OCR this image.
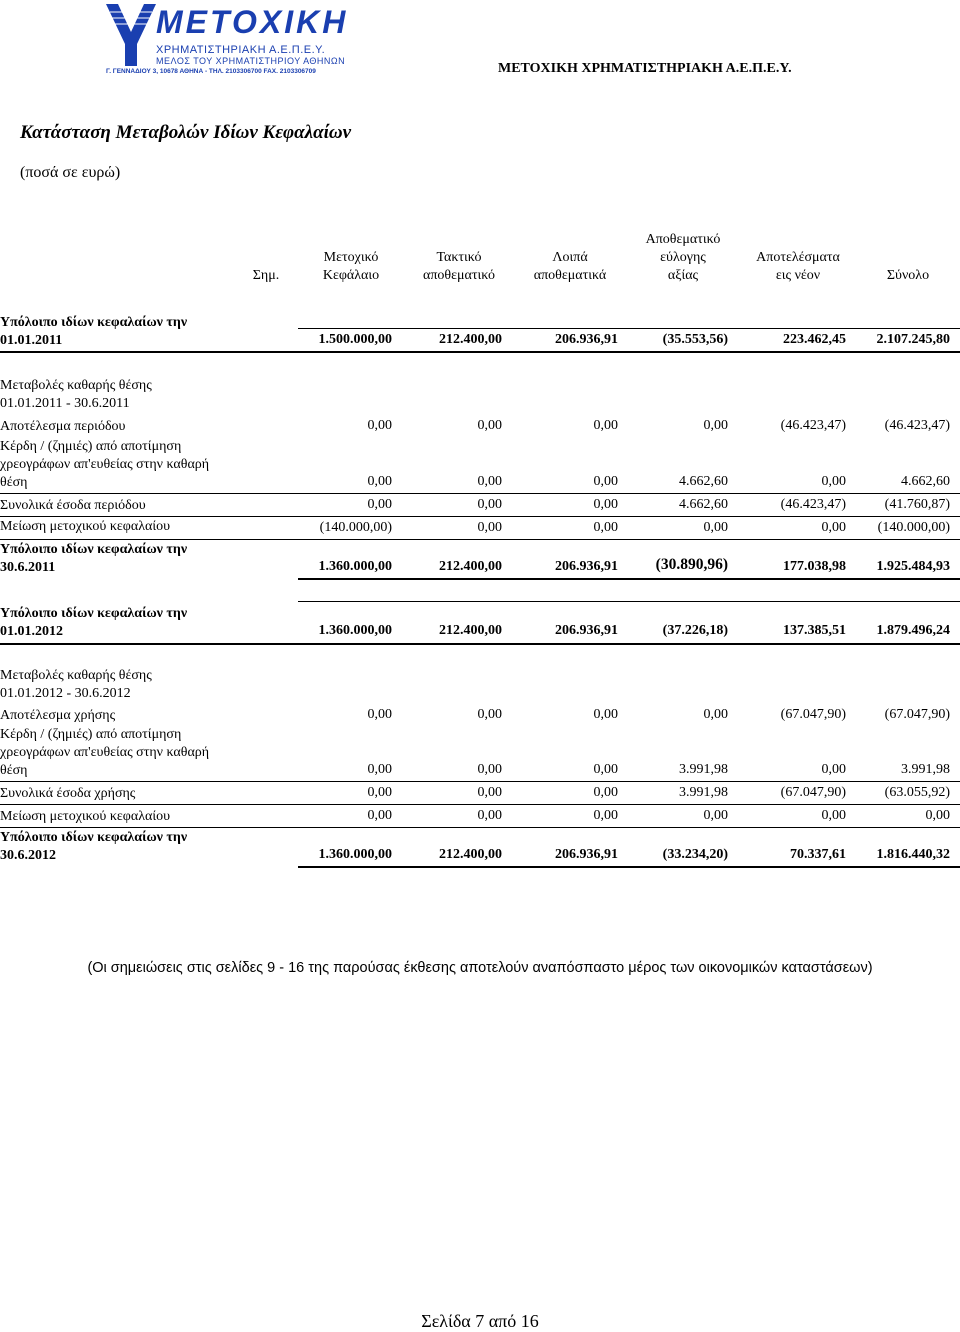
ΜΕΤΟΧΙΚΗ
ΧΡΗΜΑΤΙΣΤΗΡΙΑΚΗ Α.Ε.Π.Ε.Υ.
ΜΕΛΟΣ ΤΟΥ ΧΡΗΜΑΤΙΣΤΗΡΙΟΥ ΑΘΗΝΩΝ
Γ. ΓΕΝΝΑΔΙΟΥ 3, 10678 ΑΘΗΝΑ - ΤΗΛ. 2103306700 FAX. 2103306709	ΜΕΤΟΧΙΚΗ ΧΡΗΜΑΤΙΣΤΗΡΙΑΚΗ Α.Ε.Π.Ε.Υ.
Κατάσταση Μεταβολών Ιδίων Κεφαλαίων
(ποσά σε ευρώ)
Σημ.
Μετοχικό
Κεφάλαιο
Τακτικό
αποθεματικό
Λοιπά
αποθεματικά
Αποθεματικό
εύλογης
αξίας
Αποτελέσματα
εις νέον	Σύνολο
Υπόλοιπο ιδίων κεφαλαίων την
01.01.2011	1.500.000,00	212.400,00	206.936,91	(35.553,56)	223.462,45 2.107.245,80
Μεταβολές καθαρής θέσης
01.01.2011 - 30.6.2011
Αποτέλεσμα περιόδου	0,00	0,00	0,00	0,00	(46.423,47)	(46.423,47)
Κέρδη / (ζημιές) από αποτίμηση
χρεογράφων απ'ευθείας στην καθαρή
θέση	0,00	0,00	0,00	4.662,60	0,00	4.662,60
Συνολικά έσοδα περιόδου	0,00	0,00	0,00	4.662,60	(46.423,47)	(41.760,87)
Μείωση μετοχικού κεφαλαίου	(140.000,00)	0,00	0,00	0,00	0,00 (140.000,00)
Υπόλοιπο ιδίων κεφαλαίων την
30.6.2011	1.360.000,00	212.400,00	206.936,91 (30.890,96)	177.038,98 1.925.484,93
Υπόλοιπο ιδίων κεφαλαίων την
01.01.2012	1.360.000,00	212.400,00	206.936,91	(37.226,18)	137.385,51 1.879.496,24
Μεταβολές καθαρής θέσης
01.01.2012 - 30.6.2012
Αποτέλεσμα χρήσης	0,00	0,00	0,00	0,00	(67.047,90)	(67.047,90)
Κέρδη / (ζημιές) από αποτίμηση
χρεογράφων απ'ευθείας στην καθαρή
θέση	0,00	0,00	0,00	3.991,98	0,00	3.991,98
Συνολικά έσοδα χρήσης	0,00	0,00	0,00	3.991,98	(67.047,90)	(63.055,92)
Μείωση μετοχικού κεφαλαίου	0,00	0,00	0,00	0,00	0,00	0,00
Υπόλοιπο ιδίων κεφαλαίων την
30.6.2012	1.360.000,00	212.400,00	206.936,91	(33.234,20)	70.337,61 1.816.440,32
(Οι σημειώσεις στις σελίδες 9 - 16 της παρούσας έκθεσης αποτελούν αναπόσπαστο μέρος των οικονομικών καταστάσεων)
Σελίδα 7 από 16
